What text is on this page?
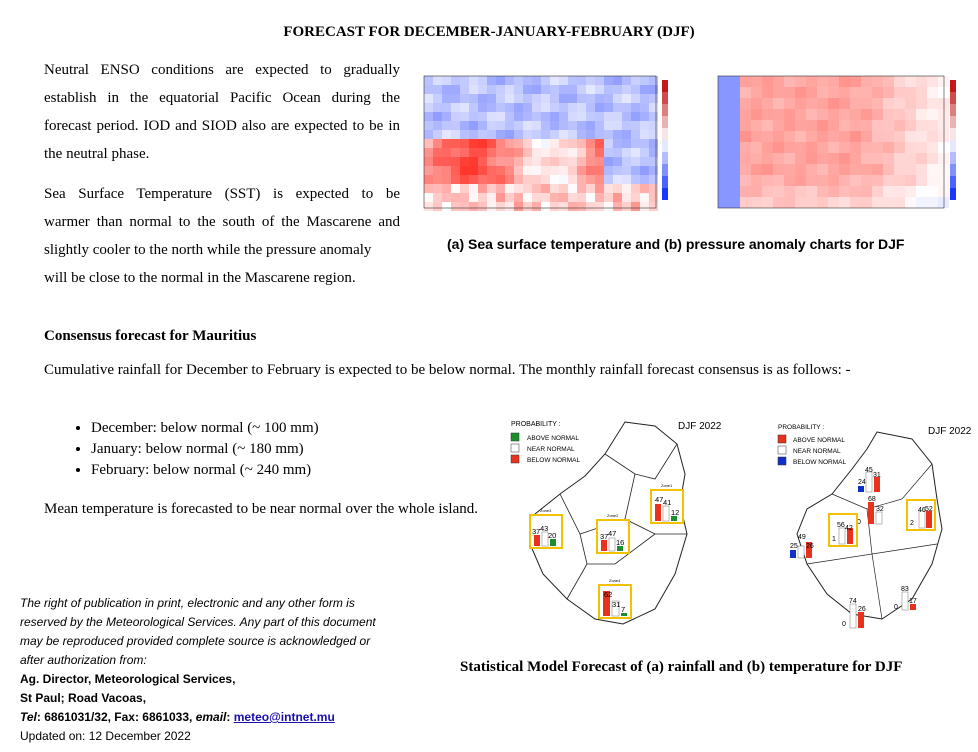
FORECAST FOR DECEMBER-JANUARY-FEBRUARY (DJF)
Neutral ENSO conditions are expected to gradually establish in the equatorial Pacific Ocean during the forecast period. IOD and SIOD also are expected to be in the neutral phase.
Sea Surface Temperature (SST) is expected to be
warmer than normal to the south of the Mascarene and
slightly cooler to the north while the pressure anomaly
will be close to the normal in the Mascarene region.
(a) Sea surface temperature and (b) pressure anomaly charts for DJF
Consensus forecast for Mauritius
Cumulative rainfall for December to February is expected to be below normal. The monthly rainfall forecast consensus is as follows: -
• December: below normal (~ 100 mm)
• January: below normal (~ 180 mm)
• February: below normal (~ 240 mm)
Mean temperature is forecasted to be near normal over the whole island.
PROBABILITY :
ABOVE NORMAL
NEAR NORMAL
BELOW NORMAL
DJF 2022
Zone1
47 41
12
Zone2
37 47
16
Zone3
37 43
20
Zone4
62
31
7
PROBABILITY :
ABOVE NORMAL
NEAR NORMAL
BELOW NORMAL
DJF 2022
45
31
24
68
32
0
46 52
2
56 42
1
49
26
25
74
26
0
83
17
0
The right of publication in print, electronic and any other form is
reserved by the Meteorological Services. Any part of this document
may be reproduced provided complete source is acknowledged or
after authorization from:
Ag. Director, Meteorological Services,
St Paul; Road Vacoas,
Tel: 6861031/32, Fax: 6861033, email: meteo@intnet.mu
Updated on: 12 December 2022
Statistical Model Forecast of (a) rainfall and (b) temperature for DJF
